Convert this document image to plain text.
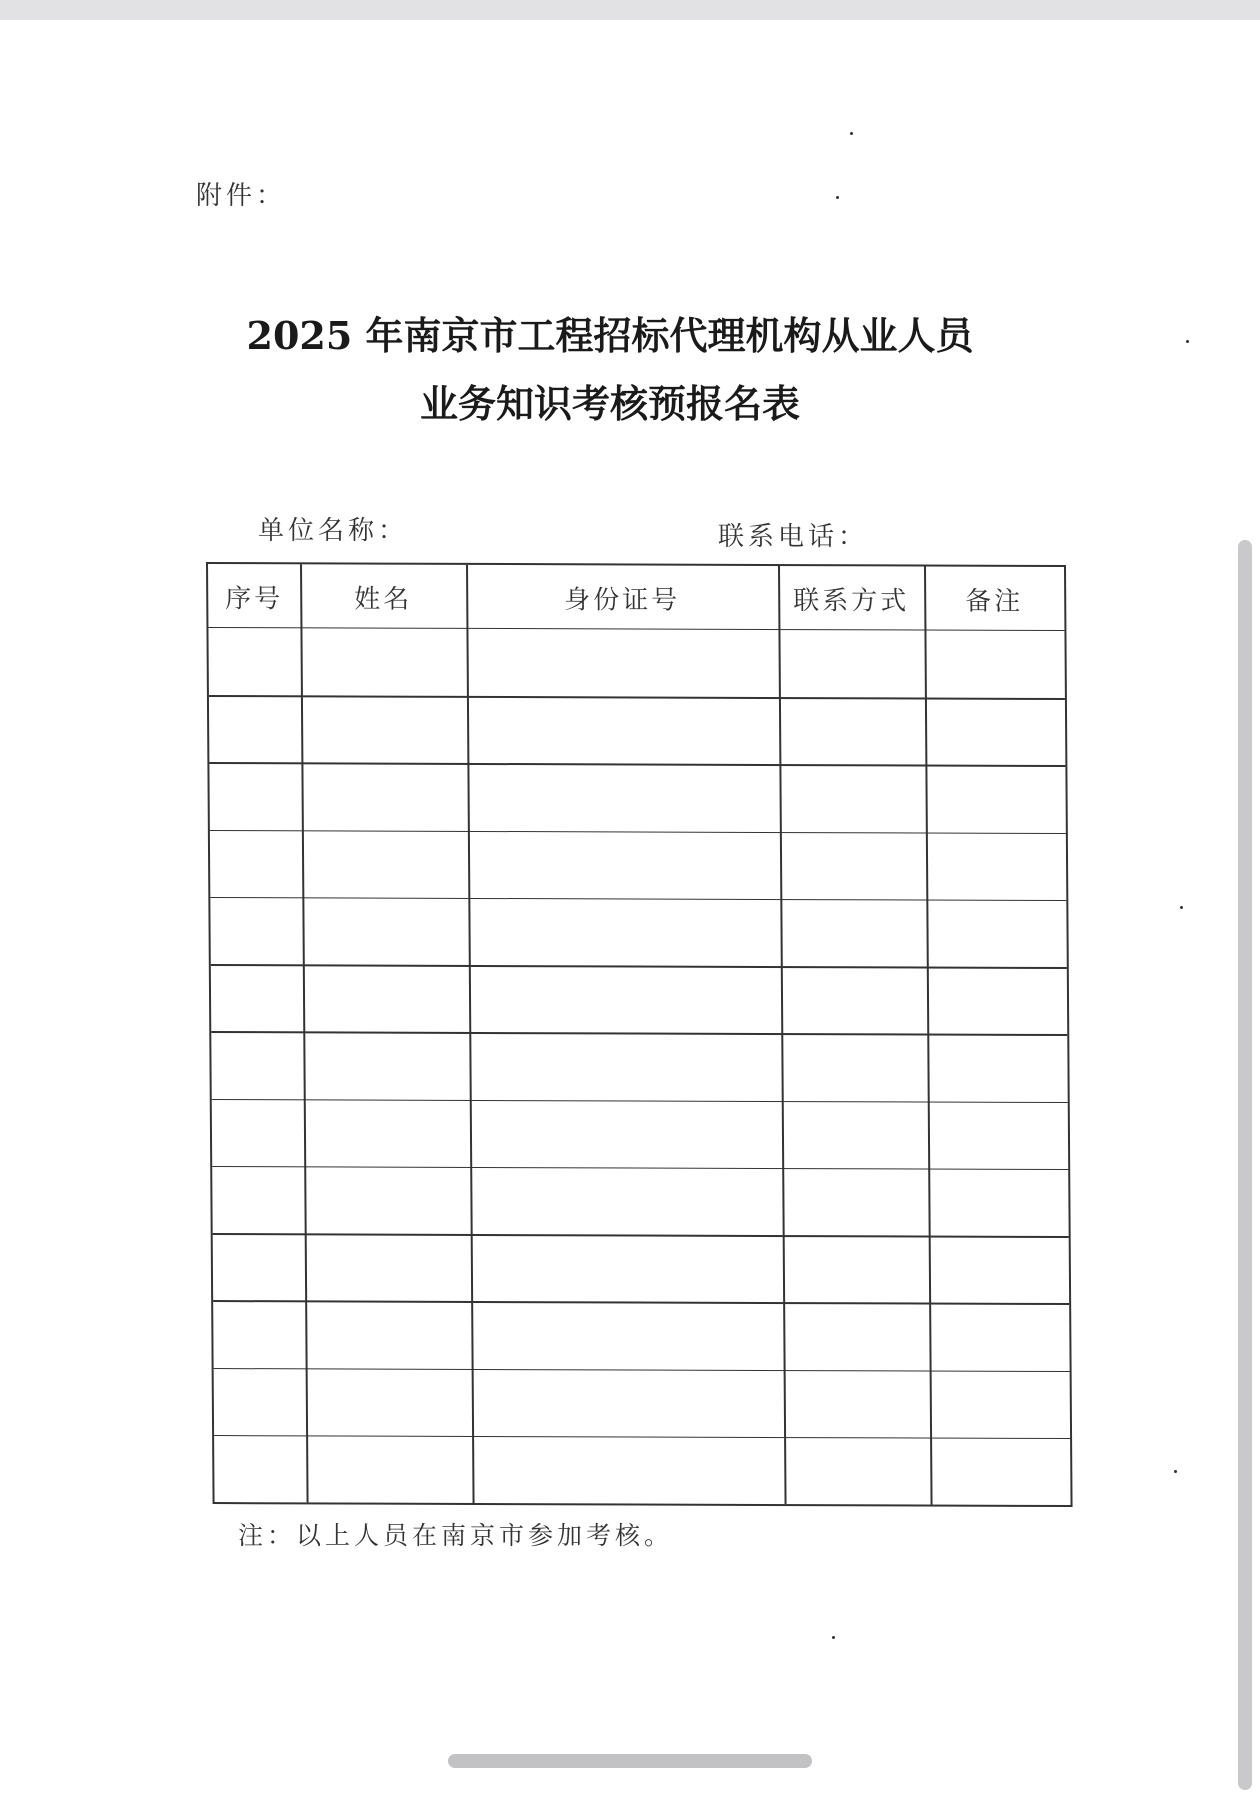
附件：
2025 年南京市工程招标代理机构从业人员
业务知识考核预报名表
单位名称：	联系电话：
序号	姓名	身份证号	联系方式	备注
注：以上人员在南京市参加考核。
